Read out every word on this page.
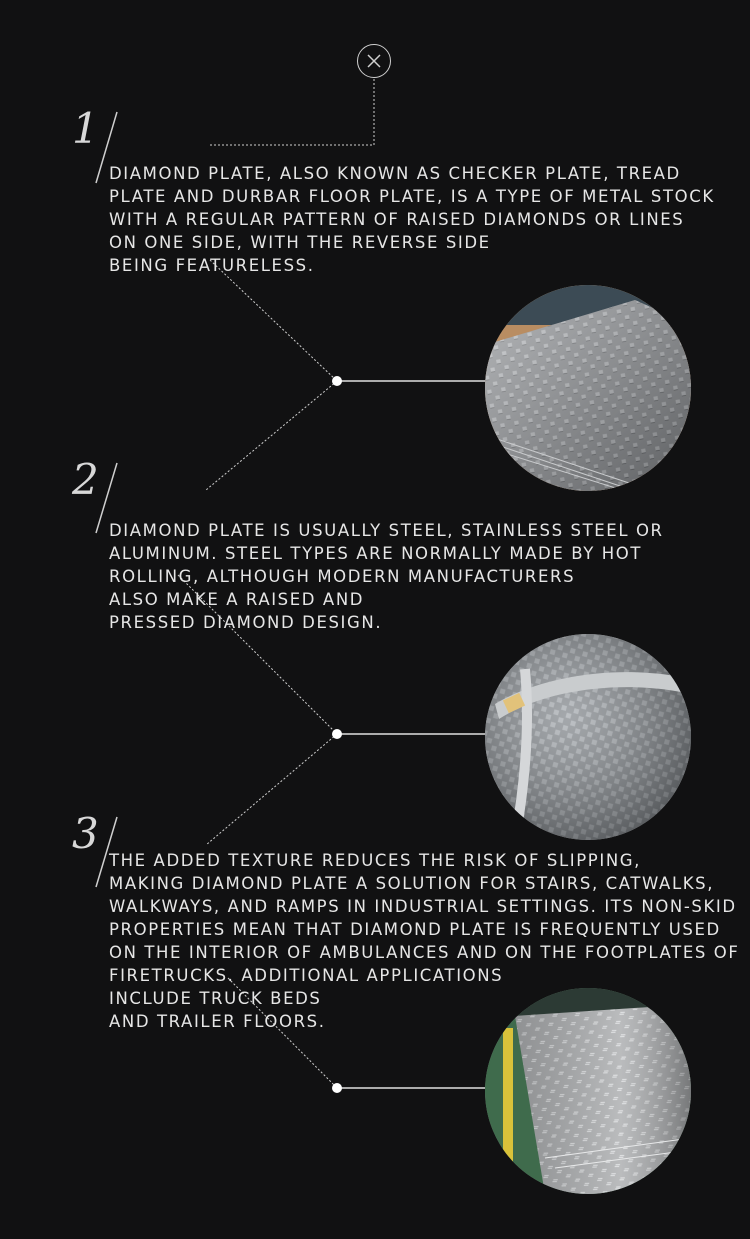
1

DIAMOND PLATE, ALSO KNOWN AS CHECKER PLATE, TREAD
PLATE AND DURBAR FLOOR PLATE, IS A TYPE OF METAL STOCK
WITH A REGULAR PATTERN OF RAISED DIAMONDS OR LINES
ON ONE SIDE, WITH THE REVERSE SIDE
BEING FEATURELESS.

2

DIAMOND PLATE IS USUALLY STEEL, STAINLESS STEEL OR
ALUMINUM. STEEL TYPES ARE NORMALLY MADE BY HOT
ROLLING, ALTHOUGH MODERN MANUFACTURERS
ALSO MAKE A RAISED AND
PRESSED DIAMOND DESIGN.

3

THE ADDED TEXTURE REDUCES THE RISK OF SLIPPING,
MAKING DIAMOND PLATE A SOLUTION FOR STAIRS, CATWALKS,
WALKWAYS, AND RAMPS IN INDUSTRIAL SETTINGS. ITS NON-SKID
PROPERTIES MEAN THAT DIAMOND PLATE IS FREQUENTLY USED
ON THE INTERIOR OF AMBULANCES AND ON THE FOOTPLATES OF
FIRETRUCKS. ADDITIONAL APPLICATIONS
INCLUDE TRUCK BEDS
AND TRAILER FLOORS.
